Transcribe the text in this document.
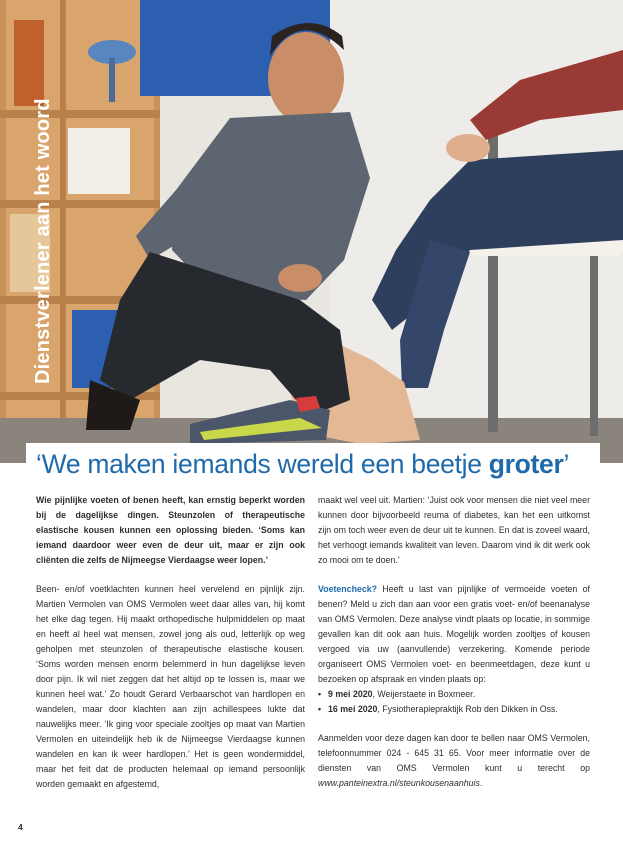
Dienstverlener aan het woord
‘We maken iemands wereld een beetje groter’

Wie pijnlijke voeten of benen heeft, kan ernstig beperkt worden bij de dagelijkse dingen. Steunzolen of therapeutische elastische kousen kunnen een oplossing bieden. ‘Soms kan iemand daardoor weer even de deur uit, maar er zijn ook cliënten die zelfs de Nijmeegse Vierdaagse weer lopen.’

Been- en/of voetklachten kunnen heel vervelend en pijnlijk zijn. Martien Vermolen van OMS Vermolen weet daar alles van, hij komt het elke dag tegen. Hij maakt orthopedische hulpmiddelen op maat en heeft al heel wat mensen, zowel jong als oud, letterlijk op weg geholpen met steunzolen of therapeutische elastische kousen. ‘Soms worden mensen enorm belemmerd in hun dagelijkse leven door pijn. Ik wil niet zeggen dat het altijd op te lossen is, maar we kunnen heel wat.’ Zo houdt Gerard Verbaarschot van hardlopen en wandelen, maar door klachten aan zijn achillespees lukte dat nauwelijks meer. ‘Ik ging voor speciale zooltjes op maat van Martien Vermolen en uiteindelijk heb ik de Nijmeegse Vierdaagse kunnen wandelen en kan ik weer hardlopen.’ Het is geen wondermiddel, maar het feit dat de producten helemaal op iemand persoonlijk worden gemaakt en afgestemd,

maakt wel veel uit. Martien: ‘Juist ook voor mensen die niet veel meer kunnen door bijvoorbeeld reuma of diabetes, kan het een uitkomst zijn om toch weer even de deur uit te kunnen. En dat is zoveel waard, het verhoogt iemands kwaliteit van leven. Daarom vind ik dit werk ook zo mooi om te doen.’

Voetencheck? Heeft u last van pijnlijke of vermoeide voeten of benen? Meld u zich dan aan voor een gratis voet- en/of beenanalyse van OMS Vermolen. Deze analyse vindt plaats op locatie, in sommige gevallen kan dit ook aan huis. Mogelijk worden zooltjes of kousen vergoed via uw (aanvullende) verzekering. Komende periode organiseert OMS Vermolen voet- en beenmeetdagen, deze kunt u bezoeken op afspraak en vinden plaats op:

• 9 mei 2020, Weijerstaete in Boxmeer.
• 16 mei 2020, Fysiotherapiepraktijk Rob den Dikken in Oss.

Aanmelden voor deze dagen kan door te bellen naar OMS Vermolen, telefoonnummer 024 - 645 31 65. Voor meer informatie over de diensten van OMS Vermolen kunt u terecht op www.panteinextra.nl/steunkousenaanhuis.

4
